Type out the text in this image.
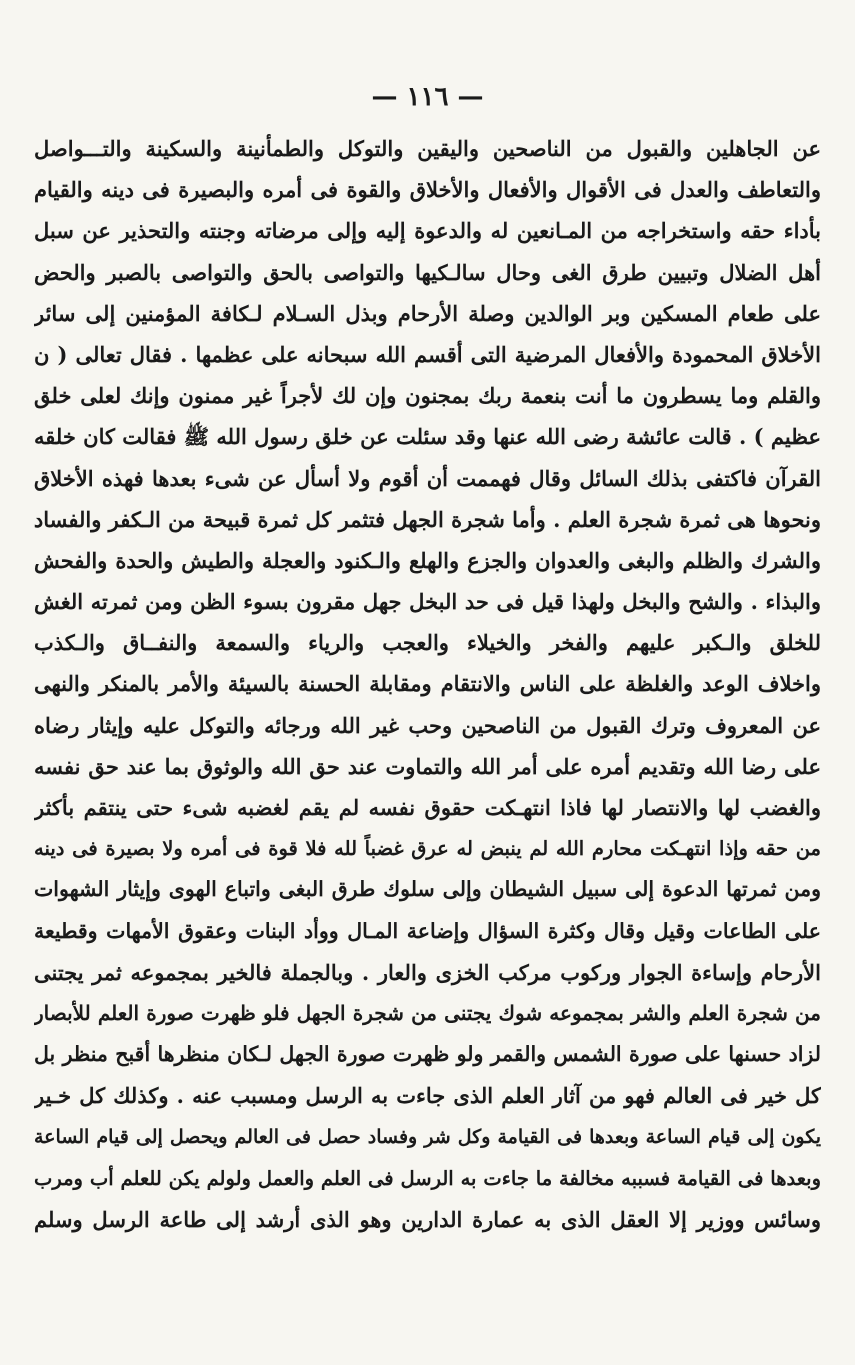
— ١١٦ —
عن الجاهلين والقبول من الناصحين واليقين والتوكل والطمأنينة والسكينة والتـــواصل
والتعاطف والعدل فى الأقوال والأفعال والأخلاق والقوة فى أمره والبصيرة فى دينه والقيام
بأداء حقه واستخراجه من المـانعين له والدعوة إليه وإلى مرضاته وجنته والتحذير عن سبل
أهل الضلال وتبيين طرق الغى وحال سالـكيها والتواصى بالحق والتواصى بالصبر والحض
على طعام المسكين وبر الوالدين وصلة الأرحام وبذل السـلام لـكافة المؤمنين إلى سائر
الأخلاق المحمودة والأفعال المرضية التى أقسم الله سبحانه على عظمها . فقال تعالى ( ن
والقلم وما يسطرون ما أنت بنعمة ربك بمجنون وإن لك لأجراً غير ممنون وإنك لعلى خلق
عظيم ) . قالت عائشة رضى الله عنها وقد سئلت عن خلق رسول الله ﷺ فقالت كان خلقه
القرآن فاكتفى بذلك السائل وقال فهممت أن أقوم ولا أسأل عن شىء بعدها فهذه الأخلاق
ونحوها هى ثمرة شجرة العلم . وأما شجرة الجهل فتثمر كل ثمرة قبيحة من الـكفر والفساد
والشرك والظلم والبغى والعدوان والجزع والهلع والـكنود والعجلة والطيش والحدة والفحش
والبذاء . والشح والبخل ولهذا قيل فى حد البخل جهل مقرون بسوء الظن ومن ثمرته الغش
للخلق والـكبر عليهم والفخر والخيلاء والعجب والرياء والسمعة والنفــاق والـكذب
واخلاف الوعد والغلظة على الناس والانتقام ومقابلة الحسنة بالسيئة والأمر بالمنكر والنهى
عن المعروف وترك القبول من الناصحين وحب غير الله ورجائه والتوكل عليه وإيثار رضاه
على رضا الله وتقديم أمره على أمر الله والتماوت عند حق الله والوثوق بما عند حق نفسه
والغضب لها والانتصار لها فاذا انتهـكت حقوق نفسه لم يقم لغضبه شىء حتى ينتقم بأكثر
من حقه وإذا انتهـكت محارم الله لم ينبض له عرق غضباً لله فلا قوة فى أمره ولا بصيرة فى دينه
ومن ثمرتها الدعوة إلى سبيل الشيطان وإلى سلوك طرق البغى واتباع الهوى وإيثار الشهوات
على الطاعات وقيل وقال وكثرة السؤال وإضاعة المـال ووأد البنات وعقوق الأمهات وقطيعة
الأرحام وإساءة الجوار وركوب مركب الخزى والعار . وبالجملة فالخير بمجموعه ثمر يجتنى
من شجرة العلم والشر بمجموعه شوك يجتنى من شجرة الجهل فلو ظهرت صورة العلم للأبصار
لزاد حسنها على صورة الشمس والقمر ولو ظهرت صورة الجهل لـكان منظرها أقبح منظر بل
كل خير فى العالم فهو من آثار العلم الذى جاءت به الرسل ومسبب عنه . وكذلك كل خـير
يكون إلى قيام الساعة وبعدها فى القيامة وكل شر وفساد حصل فى العالم ويحصل إلى قيام الساعة
وبعدها فى القيامة فسببه مخالفة ما جاءت به الرسل فى العلم والعمل ولولم يكن للعلم أب ومرب
وسائس ووزير إلا العقل الذى به عمارة الدارين وهو الذى أرشد إلى طاعة الرسل وسلم
